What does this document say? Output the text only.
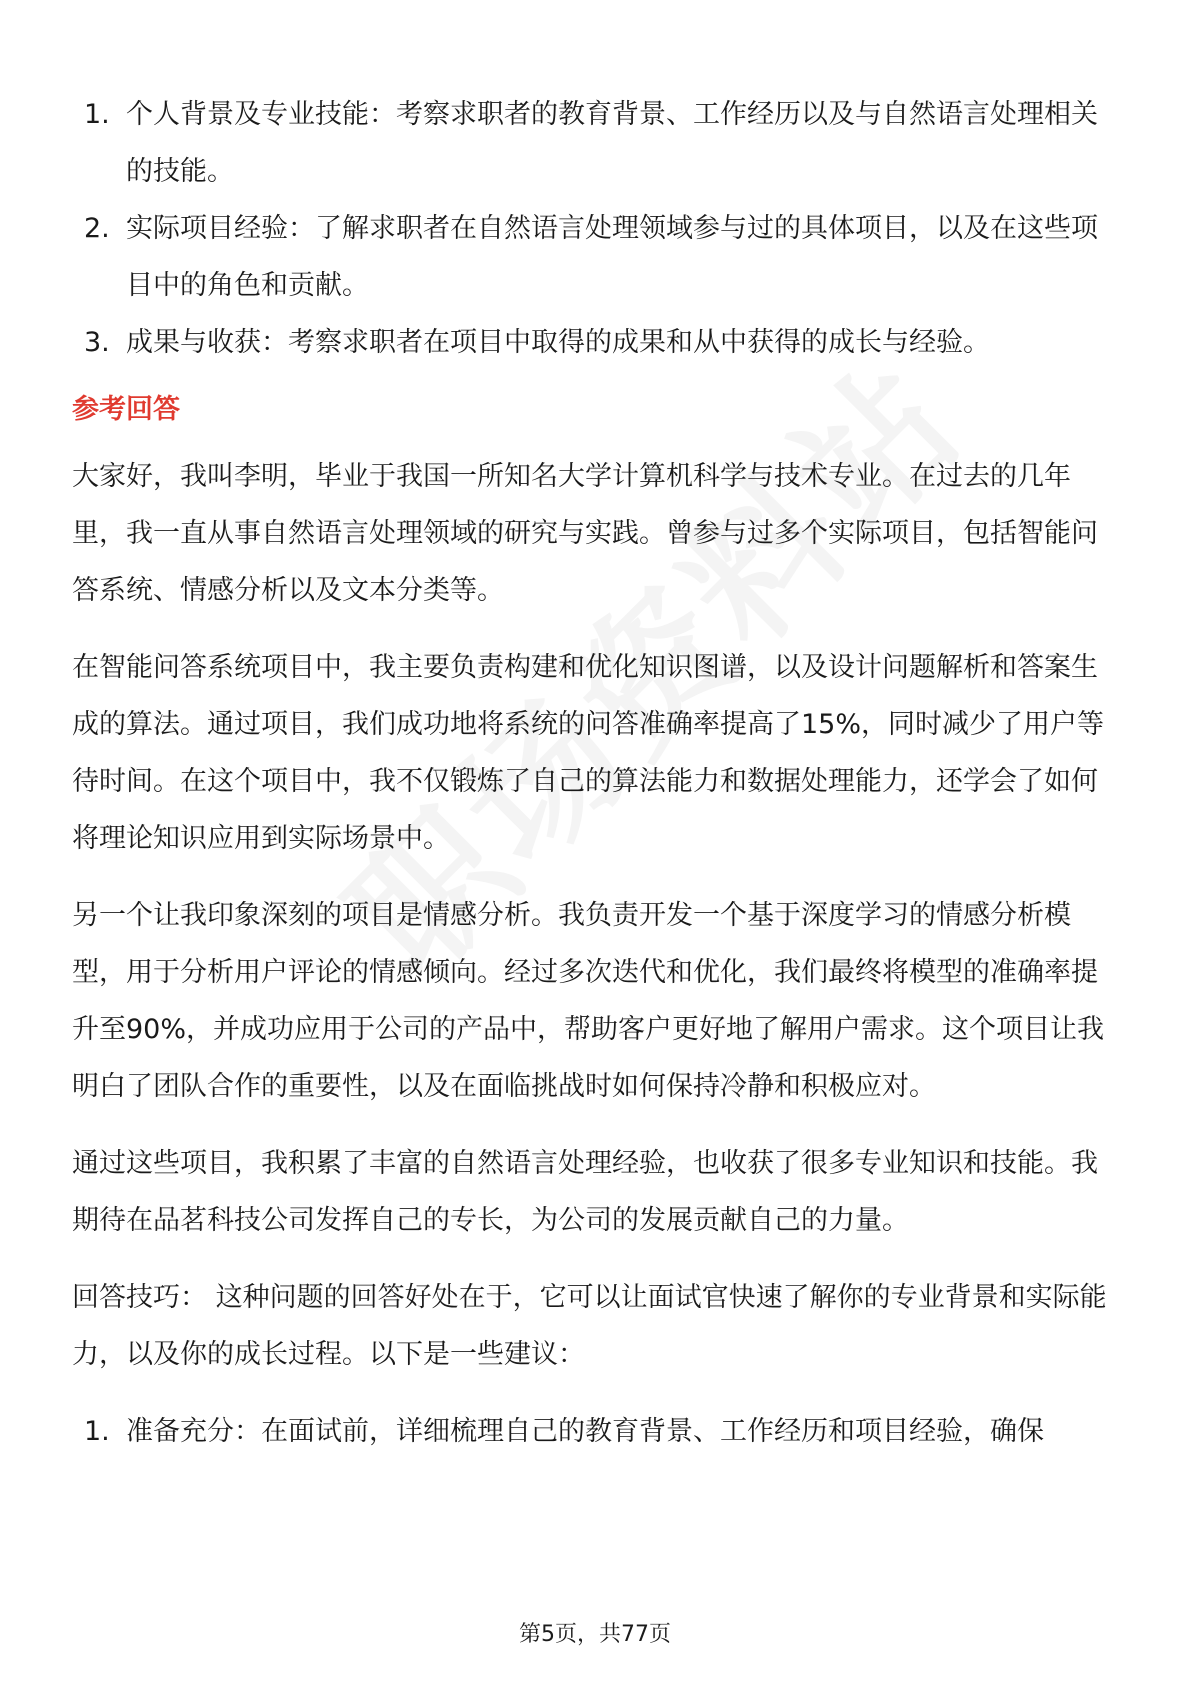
1. 个人背景及专业技能：考察求职者的教育背景、工作经历以及与自然语言处理相关的技能。
2. 实际项目经验：了解求职者在自然语言处理领域参与过的具体项目，以及在这些项目中的角色和贡献。
3. 成果与收获：考察求职者在项目中取得的成果和从中获得的成长与经验。
参考回答

大家好，我叫李明，毕业于我国一所知名大学计算机科学与技术专业。在过去的几年里，我一直从事自然语言处理领域的研究与实践。曾参与过多个实际项目，包括智能问答系统、情感分析以及文本分类等。

在智能问答系统项目中，我主要负责构建和优化知识图谱，以及设计问题解析和答案生成的算法。通过项目，我们成功地将系统的问答准确率提高了15%，同时减少了用户等待时间。在这个项目中，我不仅锻炼了自己的算法能力和数据处理能力，还学会了如何将理论知识应用到实际场景中。

另一个让我印象深刻的项目是情感分析。我负责开发一个基于深度学习的情感分析模型，用于分析用户评论的情感倾向。经过多次迭代和优化，我们最终将模型的准确率提升至90%，并成功应用于公司的产品中，帮助客户更好地了解用户需求。这个项目让我明白了团队合作的重要性，以及在面临挑战时如何保持冷静和积极应对。

通过这些项目，我积累了丰富的自然语言处理经验，也收获了很多专业知识和技能。我期待在品茗科技公司发挥自己的专长，为公司的发展贡献自己的力量。

回答技巧： 这种问题的回答好处在于，它可以让面试官快速了解你的专业背景和实际能力，以及你的成长过程。以下是一些建议：

1. 准备充分：在面试前，详细梳理自己的教育背景、工作经历和项目经验，确保
第5页，共77页
